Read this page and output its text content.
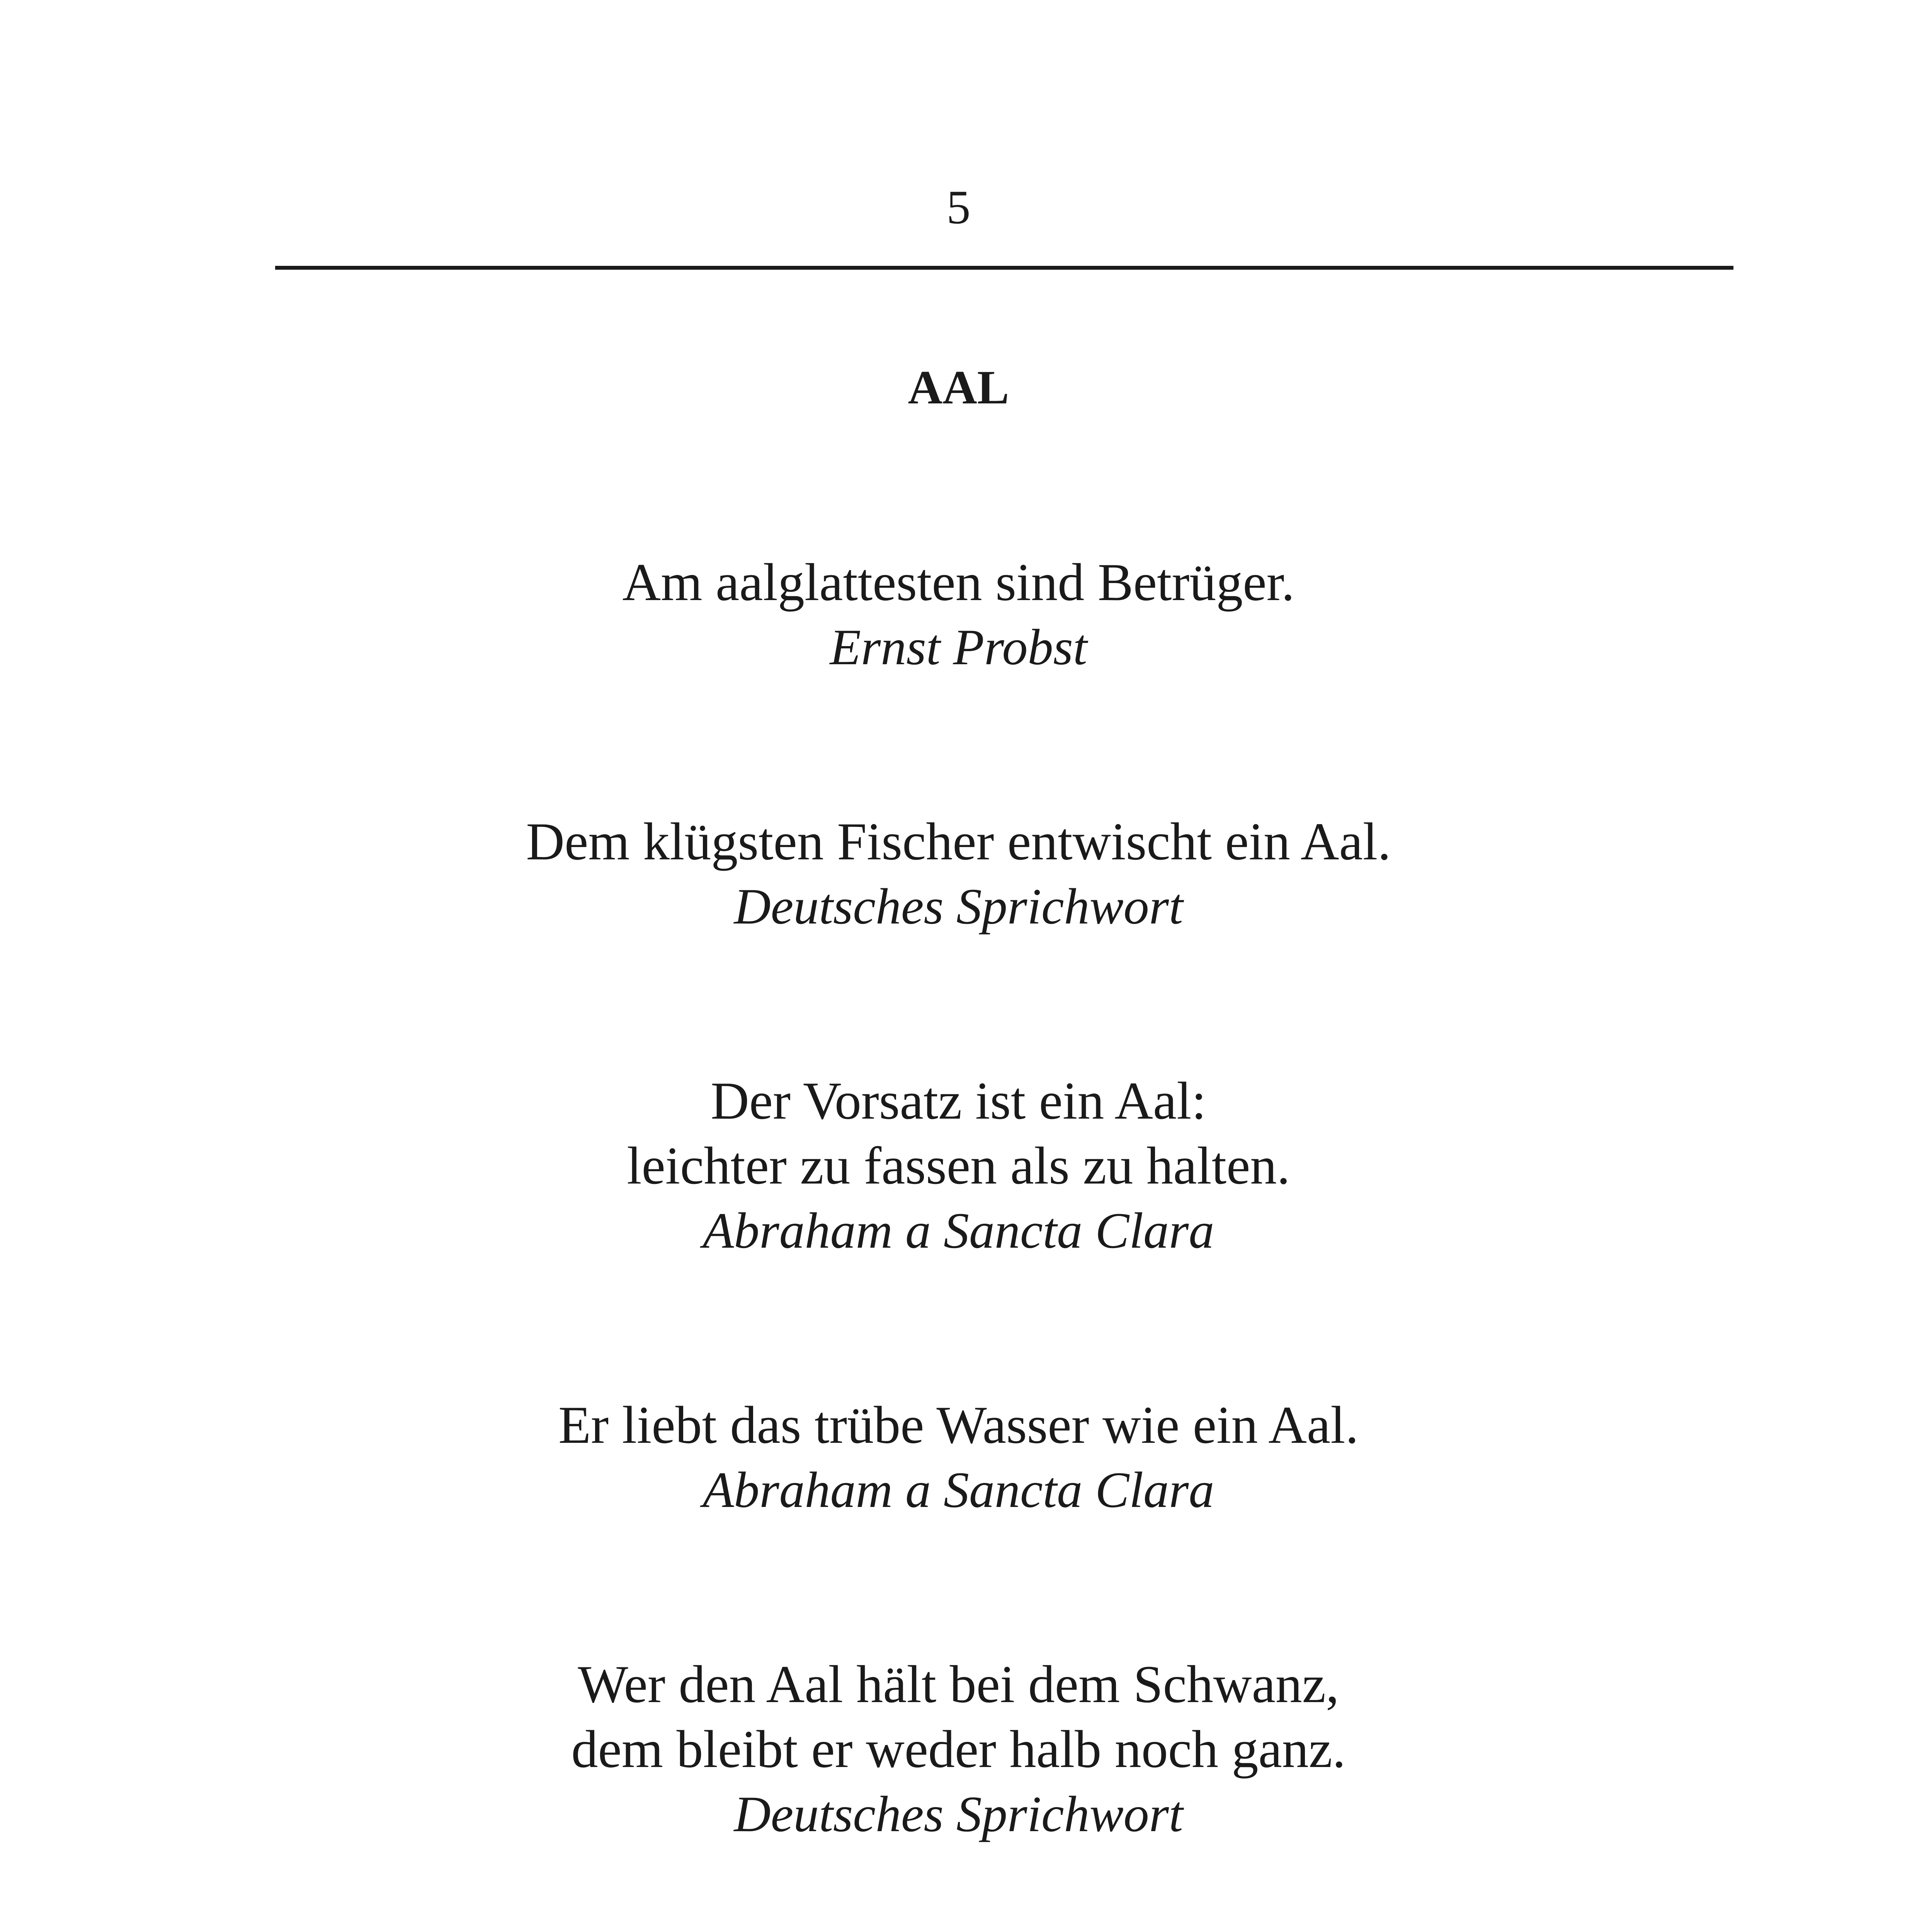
5
AAL
Am aalglattesten sind Betrüger.
Ernst Probst
Dem klügsten Fischer entwischt ein Aal.
Deutsches Sprichwort
Der Vorsatz ist ein Aal:
leichter zu fassen als zu halten.
Abraham a Sancta Clara
Er liebt das trübe Wasser wie ein Aal.
Abraham a Sancta Clara
Wer den Aal hält bei dem Schwanz,
dem bleibt er weder halb noch ganz.
Deutsches Sprichwort
